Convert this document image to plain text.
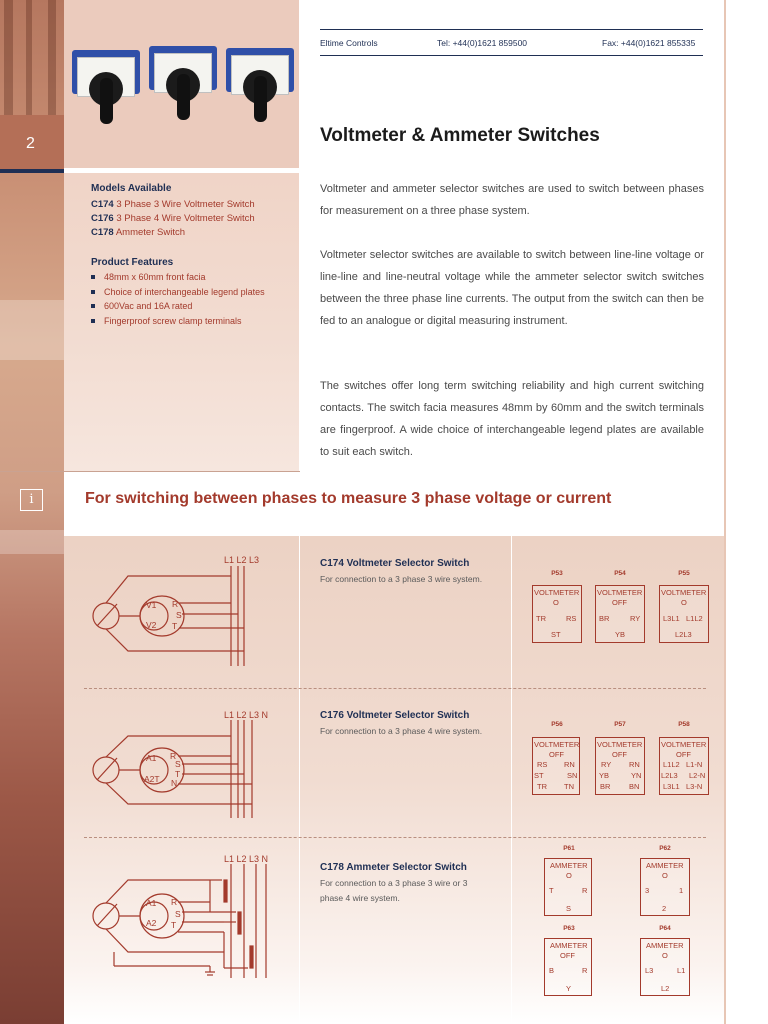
2
i
Models Available
C174 3 Phase 3 Wire Voltmeter Switch
C176 3 Phase 4 Wire Voltmeter Switch
C178 Ammeter Switch
Product Features
48mm x 60mm front facia
Choice of interchangeable legend plates
600Vac and 16A rated
Fingerproof screw clamp terminals
Eltime Controls	Tel: +44(0)1621 859500	Fax: +44(0)1621 855335
Voltmeter & Ammeter Switches
Voltmeter and ammeter selector switches are used to switch between phases for measurement on a three phase system.
Voltmeter selector switches are available to switch between line-line voltage or line-line and line-neutral voltage while the ammeter selector switch switches between the three phase line currents. The output from the switch can then be fed to an analogue or digital measuring instrument.
The switches offer long term switching reliability and high current switching contacts. The switch facia measures 48mm by 60mm and the switch terminals are fingerproof. A wide choice of interchangeable legend plates are available to suit each switch.
For switching between phases to measure 3 phase voltage or current
L1 L2 L3
V1
V2
R
S
T
C174 Voltmeter Selector Switch
For connection to a 3 phase 3 wire system.
P53
VOLTMETER
O
TR	RS
ST
P54
VOLTMETER
OFF
BR	RY
YB
P55
VOLTMETER
O
L3L1 L1L2
L2L3
L1 L2 L3 N
A1
A2T
R
S
T
N
C176 Voltmeter Selector Switch
For connection to a 3 phase 4 wire system.
P56
VOLTMETER
OFF
RS RN
ST	SN
TR TN
P57
VOLTMETER
OFF
RY RN
YB	YN
BR BN
P58
VOLTMETER
OFF
L1L2 L1-N
L2L3 L2-N
L3L1 L3-N
L1 L2 L3 N
A1
A2
R
S
T
C178 Ammeter Selector Switch
For connection to a 3 phase 3 wire or 3 phase 4 wire system.
P61
AMMETER
O
T	R
S
P62
AMMETER
O
3	1
2
P63
AMMETER
OFF
B	R
Y
P64
AMMETER
O
L3	L1
L2
